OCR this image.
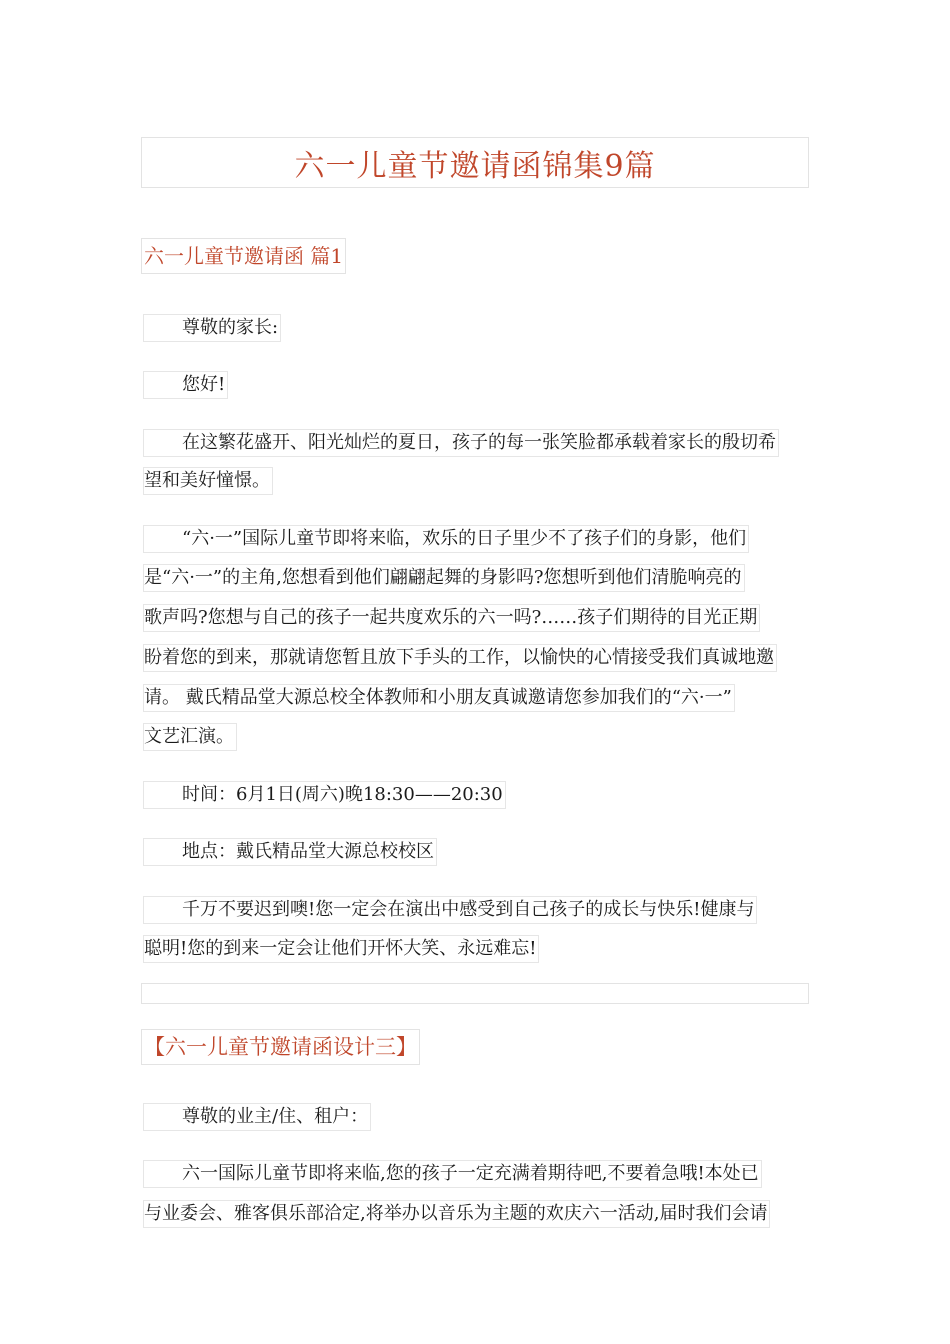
六一儿童节邀请函锦集9篇
六一儿童节邀请函 篇1
尊敬的家长:
您好!
在这繁花盛开、阳光灿烂的夏日，孩子的每一张笑脸都承载着家长的殷切希
望和美好憧憬。
“六·一”国际儿童节即将来临，欢乐的日子里少不了孩子们的身影，他们
是“六·一”的主角,您想看到他们翩翩起舞的身影吗?您想听到他们清脆响亮的
歌声吗?您想与自己的孩子一起共度欢乐的六一吗?……孩子们期待的目光正期
盼着您的到来，那就请您暂且放下手头的工作，以愉快的心情接受我们真诚地邀
请。 戴氏精品堂大源总校全体教师和小朋友真诚邀请您参加我们的“六·一”
文艺汇演。
时间：6月1日(周六)晚18:30——20:30
地点：戴氏精品堂大源总校校区
千万不要迟到噢!您一定会在演出中感受到自己孩子的成长与快乐!健康与
聪明!您的到来一定会让他们开怀大笑、永远难忘!
【六一儿童节邀请函设计三】
尊敬的业主/住、租户：
六一国际儿童节即将来临,您的孩子一定充满着期待吧,不要着急哦!本处已
与业委会、雅客俱乐部洽定,将举办以音乐为主题的欢庆六一活动,届时我们会请
